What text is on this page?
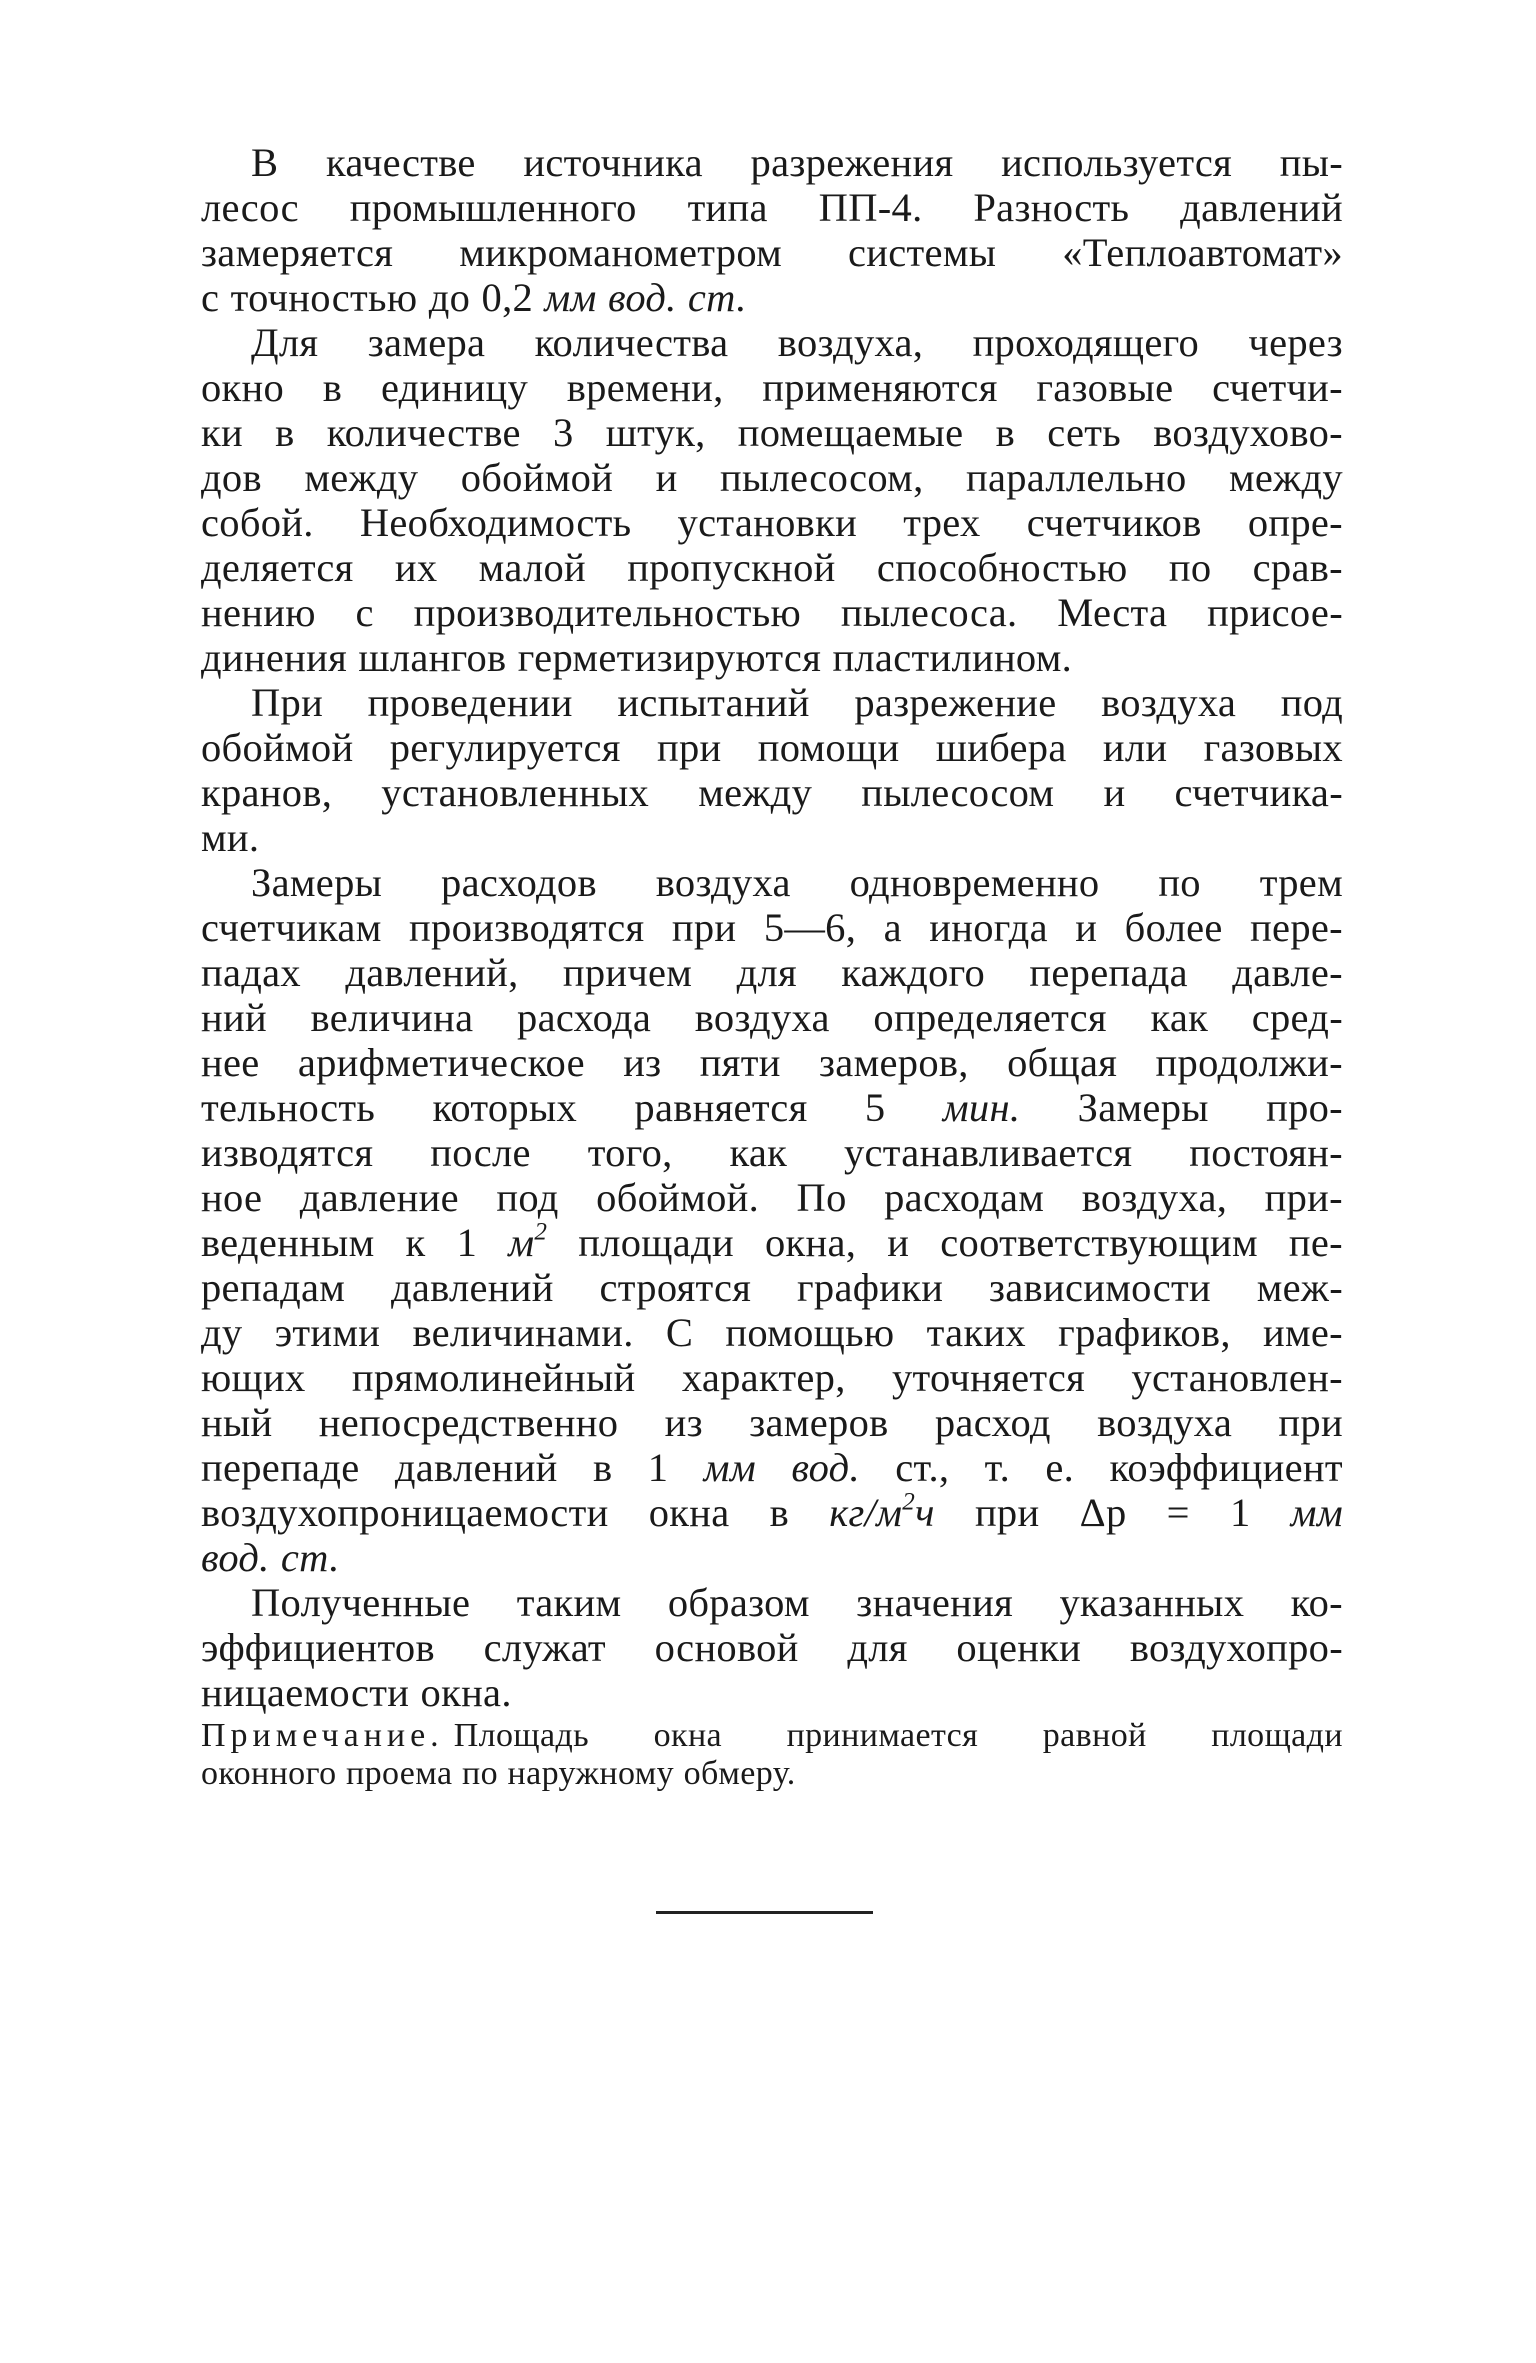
В качестве источника разрежения используется пы-
лесос промышленного типа ПП-4. Разность давлений
замеряется микроманометром системы «Теплоавтомат»
с точностью до 0,2 мм вод. ст.
Для замера количества воздуха, проходящего через
окно в единицу времени, применяются газовые счетчи-
ки в количестве 3 штук, помещаемые в сеть воздухово-
дов между обоймой и пылесосом, параллельно между
собой. Необходимость установки трех счетчиков опре-
деляется их малой пропускной способностью по срав-
нению с производительностью пылесоса. Места присое-
динения шлангов герметизируются пластилином.
При проведении испытаний разрежение воздуха под
обоймой регулируется при помощи шибера или газовых
кранов, установленных между пылесосом и счетчика-
ми.
Замеры расходов воздуха одновременно по трем
счетчикам производятся при 5—6, а иногда и более пере-
падах давлений, причем для каждого перепада давле-
ний величина расхода воздуха определяется как сред-
нее арифметическое из пяти замеров, общая продолжи-
тельность которых равняется 5 мин. Замеры про-
изводятся после того, как устанавливается постоян-
ное давление под обоймой. По расходам воздуха, при-
веденным к 1 $м^2$ площади окна, и соответствующим пе-
репадам давлений строятся графики зависимости меж-
ду этими величинами. С помощью таких графиков, име-
ющих прямолинейный характер, уточняется установлен-
ный непосредственно из замеров расход воздуха при
перепаде давлений в 1 мм вод. ст., т. е. коэффициент
воздухопроницаемости окна в $кг/м^2ч$ при Δp = 1 мм
вод. ст.
Полученные таким образом значения указанных ко-
эффициентов служат основой для оценки воздухопро-
ницаемости окна.
Примечание. Площадь окна принимается равной площади
оконного проема по наружному обмеру.
